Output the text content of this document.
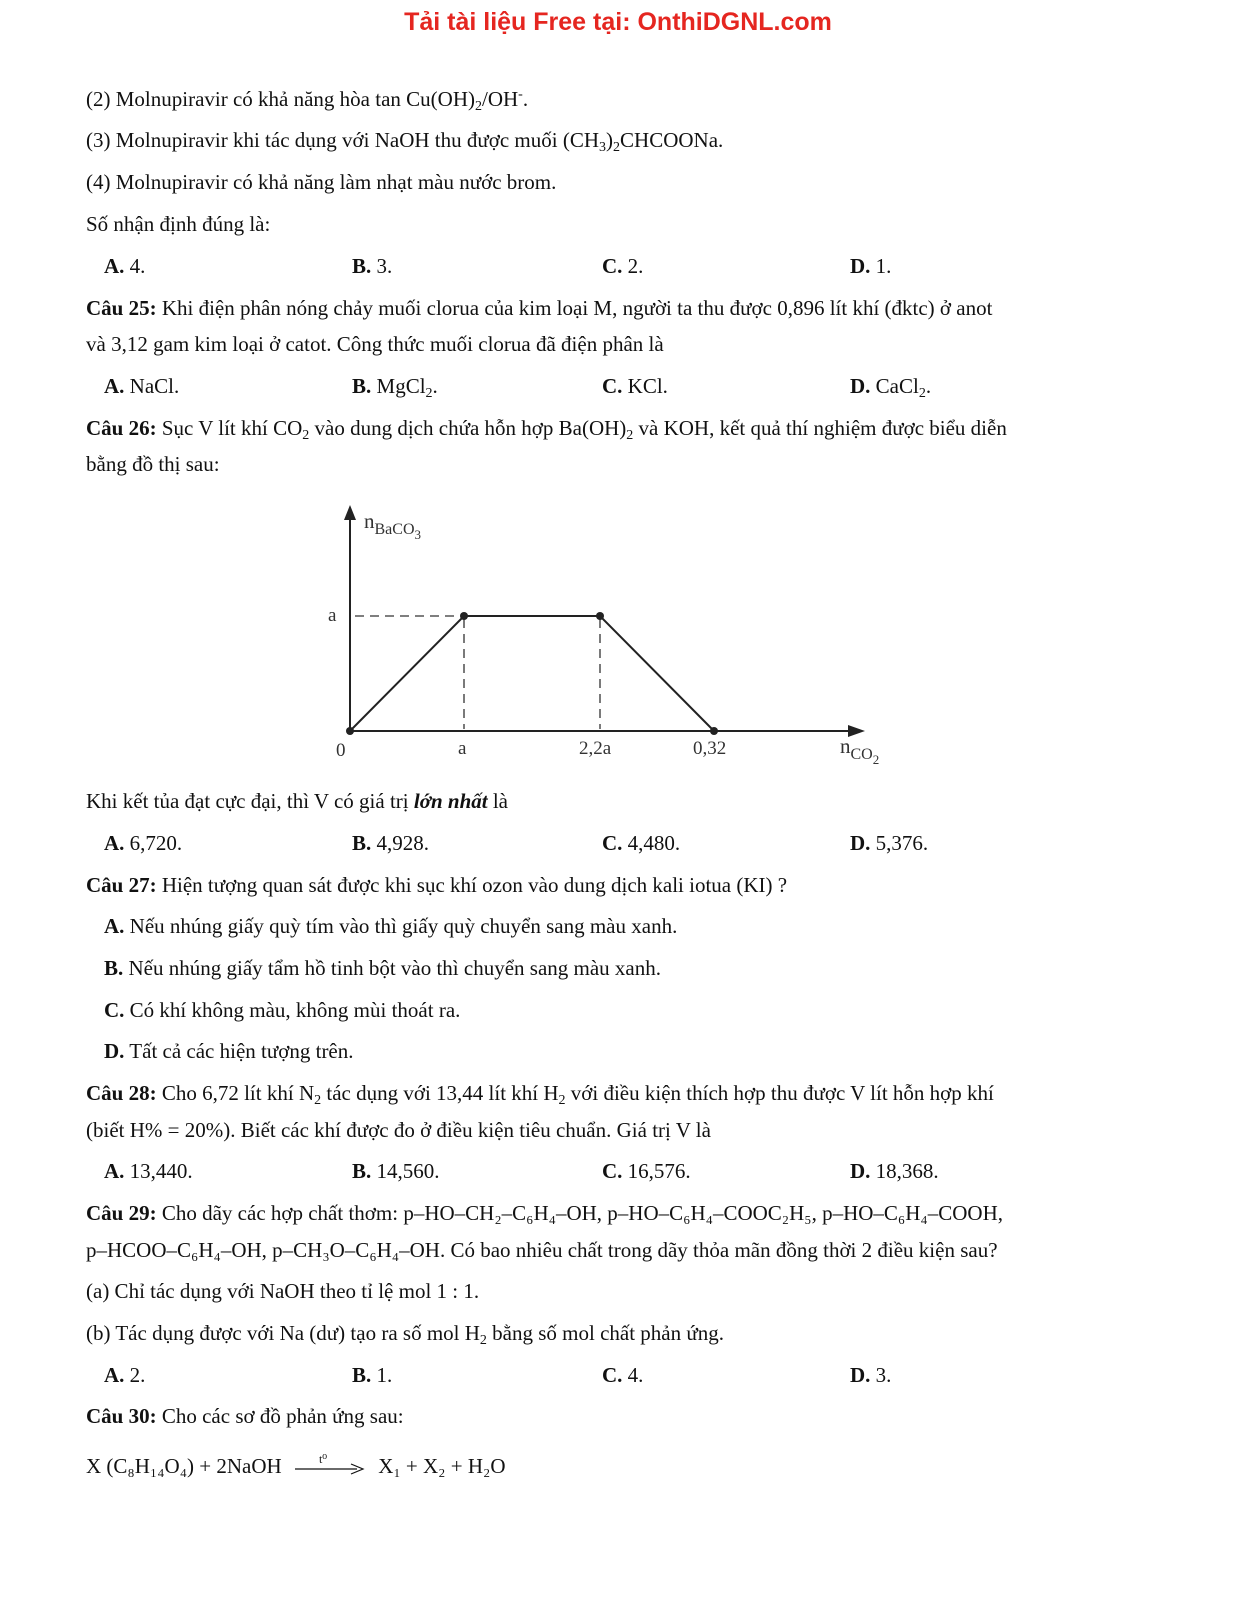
Tải tài liệu Free tại: OnthiDGNL.com
(2) Molnupiravir có khả năng hòa $\tan Cu(OH)_2/OH^-$.
(3) Molnupiravir khi tác dụng với NaOH thu được muối $(CH_3)_2CHCOONa$.
(4) Molnupiravir có khả năng làm nhạt màu nước brom.
Số nhận định đúng là:
A. 4.	B. 3.	C. 2.	D. 1.
Câu 25: Khi điện phân nóng chảy muối clorua của kim loại M, người ta thu được 0,896 lít khí (đktc) ở anot
và 3,12 gam kim loại ở catot. Công thức muối clorua đã điện phân là
A. NaCl.	B. MgCl$_2$.	C. KCl.	D. CaCl$_2$.
Câu 26: Sục V lít khí $CO_2$ vào dung dịch chứa hỗn hợp $Ba(OH)_2$ và KOH, kết quả thí nghiệm được biểu diễn
bằng đồ thị sau:
$n_{BaCO3}$
$n_{CO2}$
a
0	a	2,2a	0,32
Khi kết tủa đạt cực đại, thì V có giá trị lớn nhất là
A. 6,720.	B. 4,928.	C. 4,480.	D. 5,376.
Câu 27: Hiện tượng quan sát được khi sục khí ozon vào dung dịch kali iotua (KI) ?
A. Nếu nhúng giấy quỳ tím vào thì giấy quỳ chuyển sang màu xanh.
B. Nếu nhúng giấy tẩm hồ tinh bột vào thì chuyển sang màu xanh.
C. Có khí không màu, không mùi thoát ra.
D. Tất cả các hiện tượng trên.
Câu 28: Cho 6,72 lít khí $N_2$ tác dụng với 13,44 lít khí $H_2$ với điều kiện thích hợp thu được V lít hỗn hợp khí
(biết H% = 20%). Biết các khí được đo ở điều kiện tiêu chuẩn. Giá trị V là
A. 13,440.	B. 14,560.	C. 16,576.	D. 18,368.
Câu 29: Cho dãy các hợp chất thơm: p–HO–CH₂–C₆H₄–OH, p–HO–C₆H₄–COOC₂H₅, p–HO–C₆H₄–COOH,
p–HCOO–C₆H₄–OH, p–CH₃O–C₆H₄–OH. Có bao nhiêu chất trong dãy thỏa mãn đồng thời 2 điều kiện sau?
(a) Chỉ tác dụng với NaOH theo tỉ lệ mol 1 : 1.
(b) Tác dụng được với Na (dư) tạo ra số mol $H_2$ bằng số mol chất phản ứng.
A. 2.	B. 1.	C. 4.	D. 3.
Câu 30: Cho các sơ đồ phản ứng sau:
X (C₈H₁₄O₄) + 2NaOH	t⁰ X₁ + X₂ + H₂O
